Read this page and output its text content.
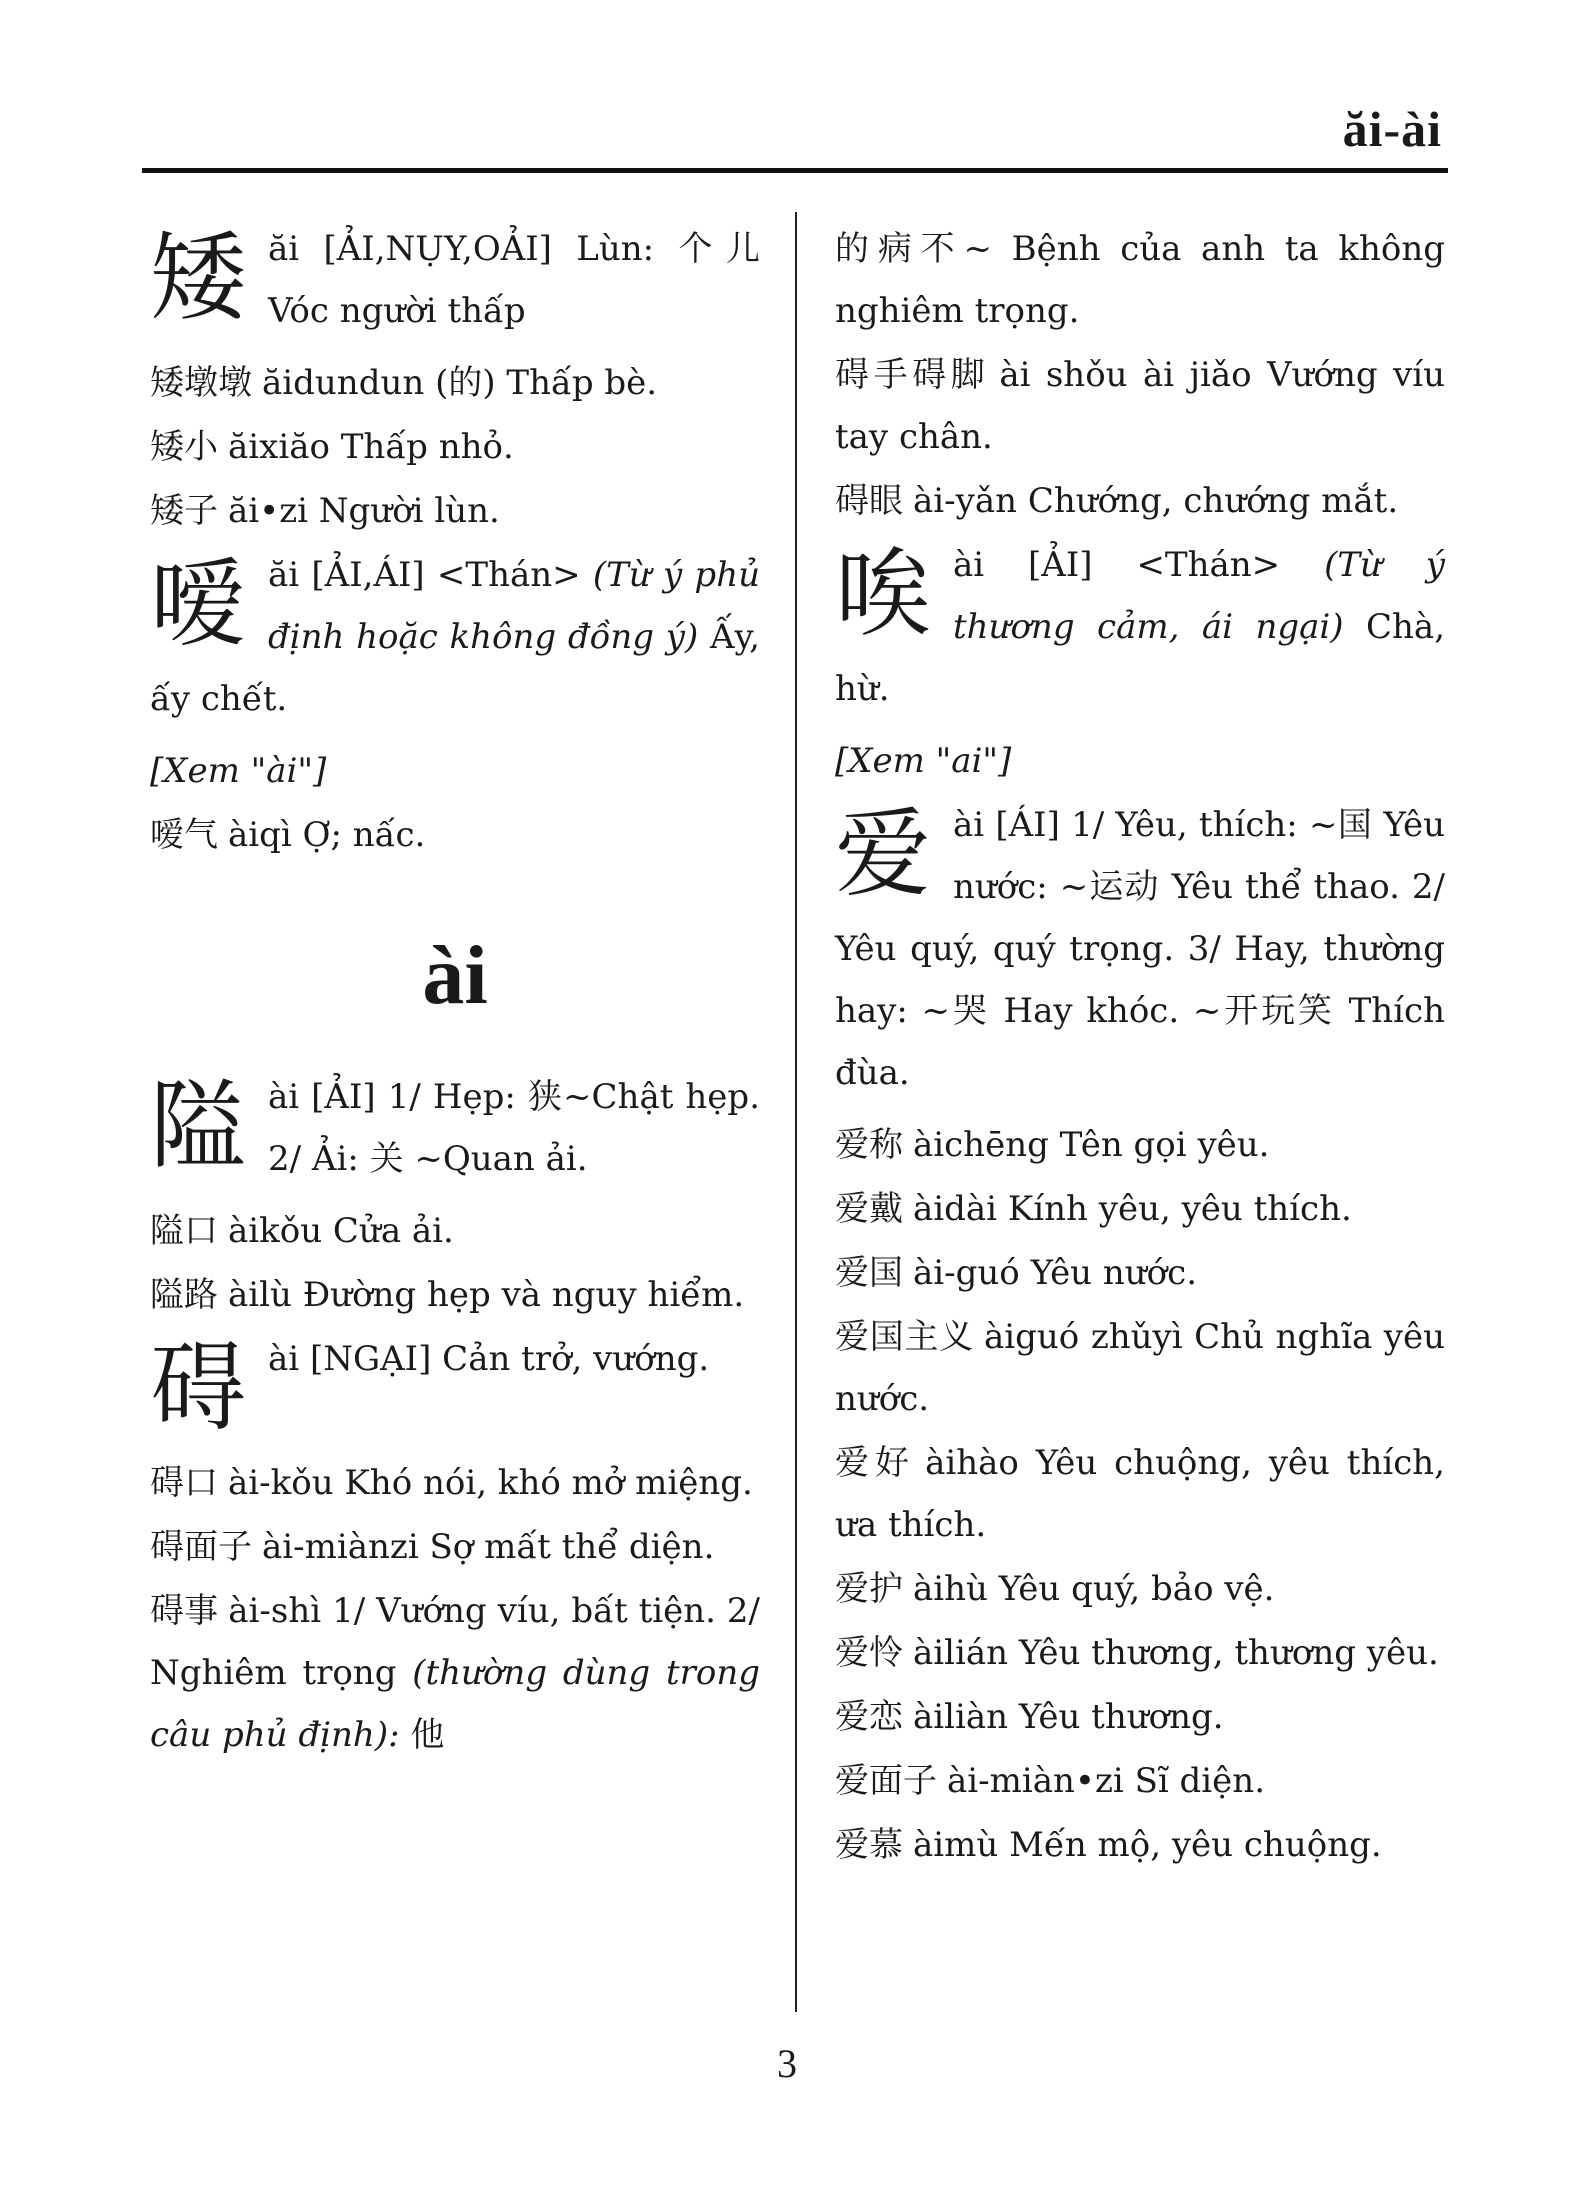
ăi-ài
矮 ăi [ẢI,NỤY,OẢI] Lùn: 个儿 Vóc người thấp

矮墩墩 ăidundun (的) Thấp bè.

矮小 ăixiăo Thấp nhỏ.

矮子 ăi•zi Người lùn.

嗳 ăi [ẢI,ÁI] <Thán> (Từ ý phủ định hoặc không đồng ý) Ấy, ấy chết.

[Xem "ài"]

嗳气 àiqì Ợ; nấc.

ài
隘 ài [ẢI] 1/ Hẹp: 狭~Chật hẹp. 2/ Ải: 关 ~Quan ải.

隘口 àikǒu Cửa ải.

隘路 àilù Đường hẹp và nguy hiểm.

碍 ài [NGẠI] Cản trở, vướng.

碍口 ài-kǒu Khó nói, khó mở miệng.

碍面子 ài-miànzi Sợ mất thể diện.

碍事 ài-shì 1/ Vướng víu, bất tiện. 2/ Nghiêm trọng (thường dùng trong câu phủ định): 他

的病不~ Bệnh của anh ta không nghiêm trọng.

碍手碍脚 ài shǒu ài jiǎo Vướng víu tay chân.

碍眼 ài-yǎn Chướng, chướng mắt.

唉 ài [ẢI] <Thán> (Từ ý thương cảm, ái ngại) Chà, hừ.

[Xem "ai"]

爱 ài [ÁI] 1/ Yêu, thích: ~国 Yêu nước: ~运动 Yêu thể thao. 2/ Yêu quý, quý trọng. 3/ Hay, thường hay: ~哭 Hay khóc. ~开玩笑 Thích đùa.

爱称 àichēng Tên gọi yêu.

爱戴 àidài Kính yêu, yêu thích.

爱国 ài-guó Yêu nước.

爱国主义 àiguó zhǔyì Chủ nghĩa yêu nước.

爱好 àihào Yêu chuộng, yêu thích, ưa thích.

爱护 àihù Yêu quý, bảo vệ.

爱怜 àilián Yêu thương, thương yêu.

爱恋 àiliàn Yêu thương.

爱面子 ài-miàn•zi Sĩ diện.

爱慕 àimù Mến mộ, yêu chuộng.

3
